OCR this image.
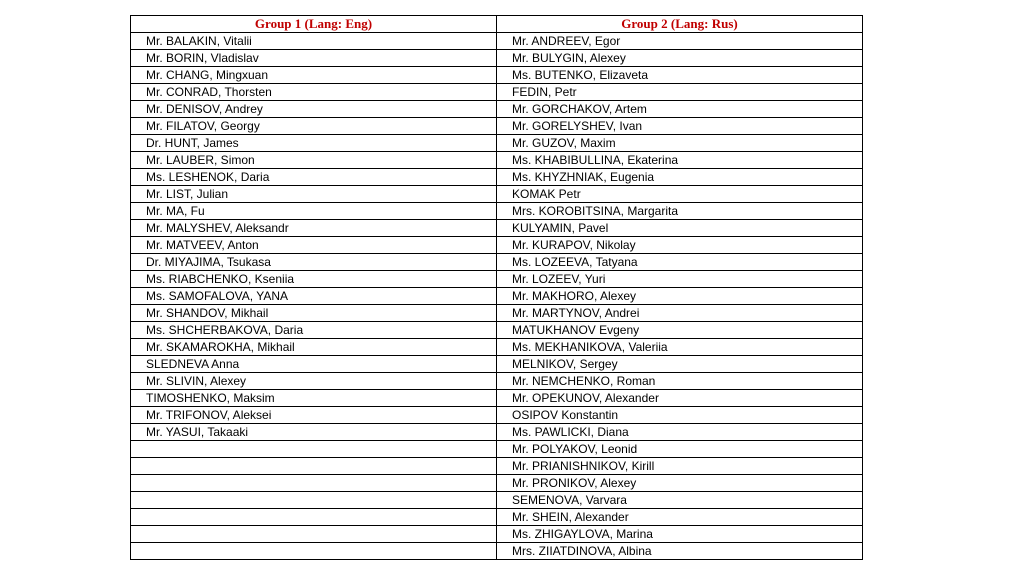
Group 1 (Lang: Eng)	Group 2 (Lang: Rus)
Mr. BALAKIN, Vitalii	Mr. ANDREEV, Egor
Mr. BORIN, Vladislav	Mr. BULYGIN, Alexey
Mr. CHANG, Mingxuan	Ms. BUTENKO, Elizaveta
Mr. CONRAD, Thorsten	FEDIN, Petr
Mr. DENISOV, Andrey	Mr. GORCHAKOV, Artem
Mr. FILATOV, Georgy	Mr. GORELYSHEV, Ivan
Dr. HUNT, James	Mr. GUZOV, Maxim
Mr. LAUBER, Simon	Ms. KHABIBULLINA, Ekaterina
Ms. LESHENOK, Daria	Ms. KHYZHNIAK, Eugenia
Mr. LIST, Julian	KOMAK Petr
Mr. MA, Fu	Mrs. KOROBITSINA, Margarita
Mr. MALYSHEV, Aleksandr	KULYAMIN, Pavel
Mr. MATVEEV, Anton	Mr. KURAPOV, Nikolay
Dr. MIYAJIMA, Tsukasa	Ms. LOZEEVA, Tatyana
Ms. RIABCHENKO, Kseniia	Mr. LOZEEV, Yuri
Ms. SAMOFALOVA, YANA	Mr. MAKHORO, Alexey
Mr. SHANDOV, Mikhail	Mr. MARTYNOV, Andrei
Ms. SHCHERBAKOVA, Daria	MATUKHANOV Evgeny
Mr. SKAMAROKHA, Mikhail	Ms. MEKHANIKOVA, Valeriia
SLEDNEVA Anna	MELNIKOV, Sergey
Mr. SLIVIN, Alexey	Mr. NEMCHENKO, Roman
TIMOSHENKO, Maksim	Mr. OPEKUNOV, Alexander
Mr. TRIFONOV, Aleksei	OSIPOV Konstantin
Mr. YASUI, Takaaki	Ms. PAWLICKI, Diana
	Mr. POLYAKOV, Leonid
	Mr. PRIANISHNIKOV, Kirill
	Mr. PRONIKOV, Alexey
	SEMENOVA, Varvara
	Mr. SHEIN, Alexander
	Ms. ZHIGAYLOVA, Marina
	Mrs. ZIIATDINOVA, Albina
